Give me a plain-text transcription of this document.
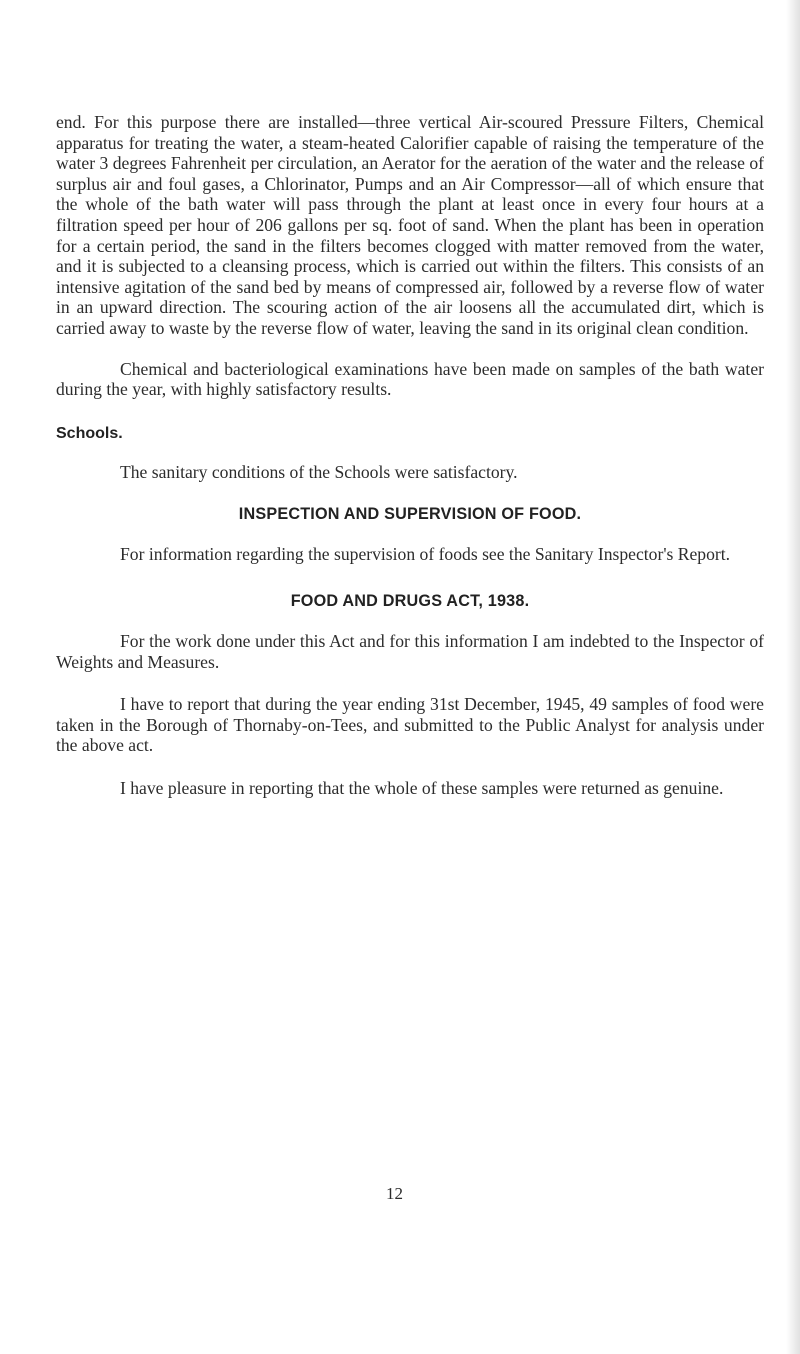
end. For this purpose there are installed—three vertical Air-scoured Pressure Filters, Chemical apparatus for treating the water, a steam-heated Calorifier capable of raising the temperature of the water 3 degrees Fahrenheit per circulation, an Aerator for the aeration of the water and the release of surplus air and foul gases, a Chlorinator, Pumps and an Air Compressor—all of which ensure that the whole of the bath water will pass through the plant at least once in every four hours at a filtration speed per hour of 206 gallons per sq. foot of sand. When the plant has been in operation for a certain period, the sand in the filters becomes clogged with matter removed from the water, and it is subjected to a cleansing process, which is carried out within the filters. This consists of an intensive agitation of the sand bed by means of compressed air, followed by a reverse flow of water in an upward direction. The scouring action of the air loosens all the accumulated dirt, which is carried away to waste by the reverse flow of water, leaving the sand in its original clean condition.

Chemical and bacteriological examinations have been made on samples of the bath water during the year, with highly satisfactory results.

Schools.

The sanitary conditions of the Schools were satisfactory.

INSPECTION AND SUPERVISION OF FOOD.

For information regarding the supervision of foods see the Sanitary Inspector's Report.

FOOD AND DRUGS ACT, 1938.

For the work done under this Act and for this information I am indebted to the Inspector of Weights and Measures.

I have to report that during the year ending 31st December, 1945, 49 samples of food were taken in the Borough of Thornaby-on-Tees, and submitted to the Public Analyst for analysis under the above act.

I have pleasure in reporting that the whole of these samples were returned as genuine.

12
